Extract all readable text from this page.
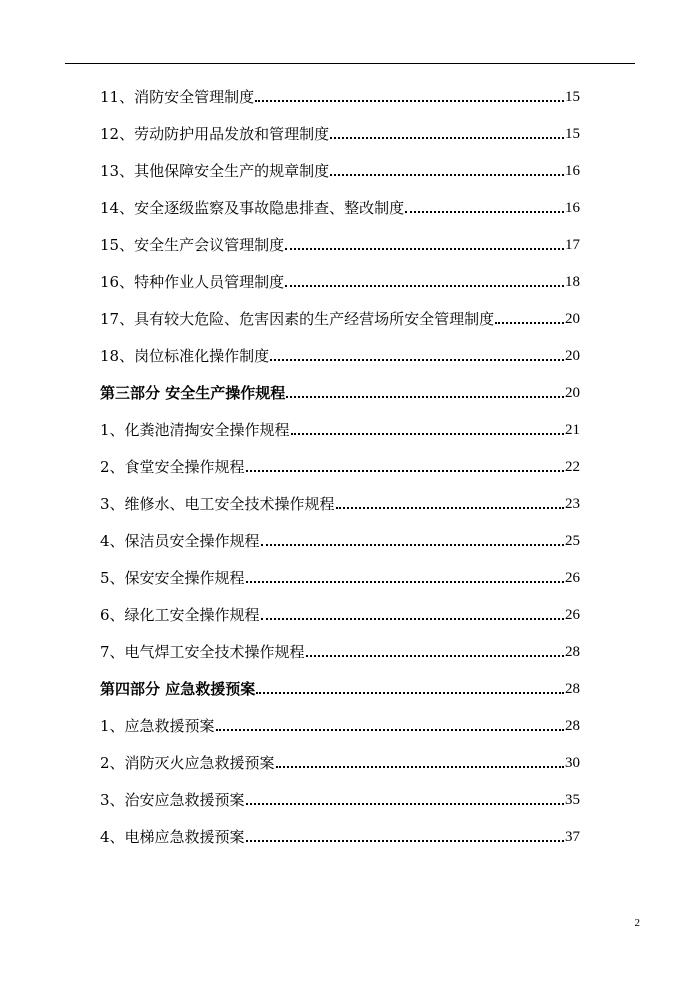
11、消防安全管理制度	15
12、劳动防护用品发放和管理制度	15
13、其他保障安全生产的规章制度	16
14、安全逐级监察及事故隐患排查、整改制度	16
15、安全生产会议管理制度	17
16、特种作业人员管理制度	18
17、具有较大危险、危害因素的生产经营场所安全管理制度	20
18、岗位标准化操作制度	20
第三部分 安全生产操作规程	20
1、化粪池清掏安全操作规程	21
2、食堂安全操作规程	22
3、维修水、电工安全技术操作规程	23
4、保洁员安全操作规程	25
5、保安安全操作规程	26
6、绿化工安全操作规程	26
7、电气焊工安全技术操作规程	28
第四部分 应急救援预案	28
1、应急救援预案	28
2、消防灭火应急救援预案	30
3、治安应急救援预案	35
4、电梯应急救援预案	37
2
